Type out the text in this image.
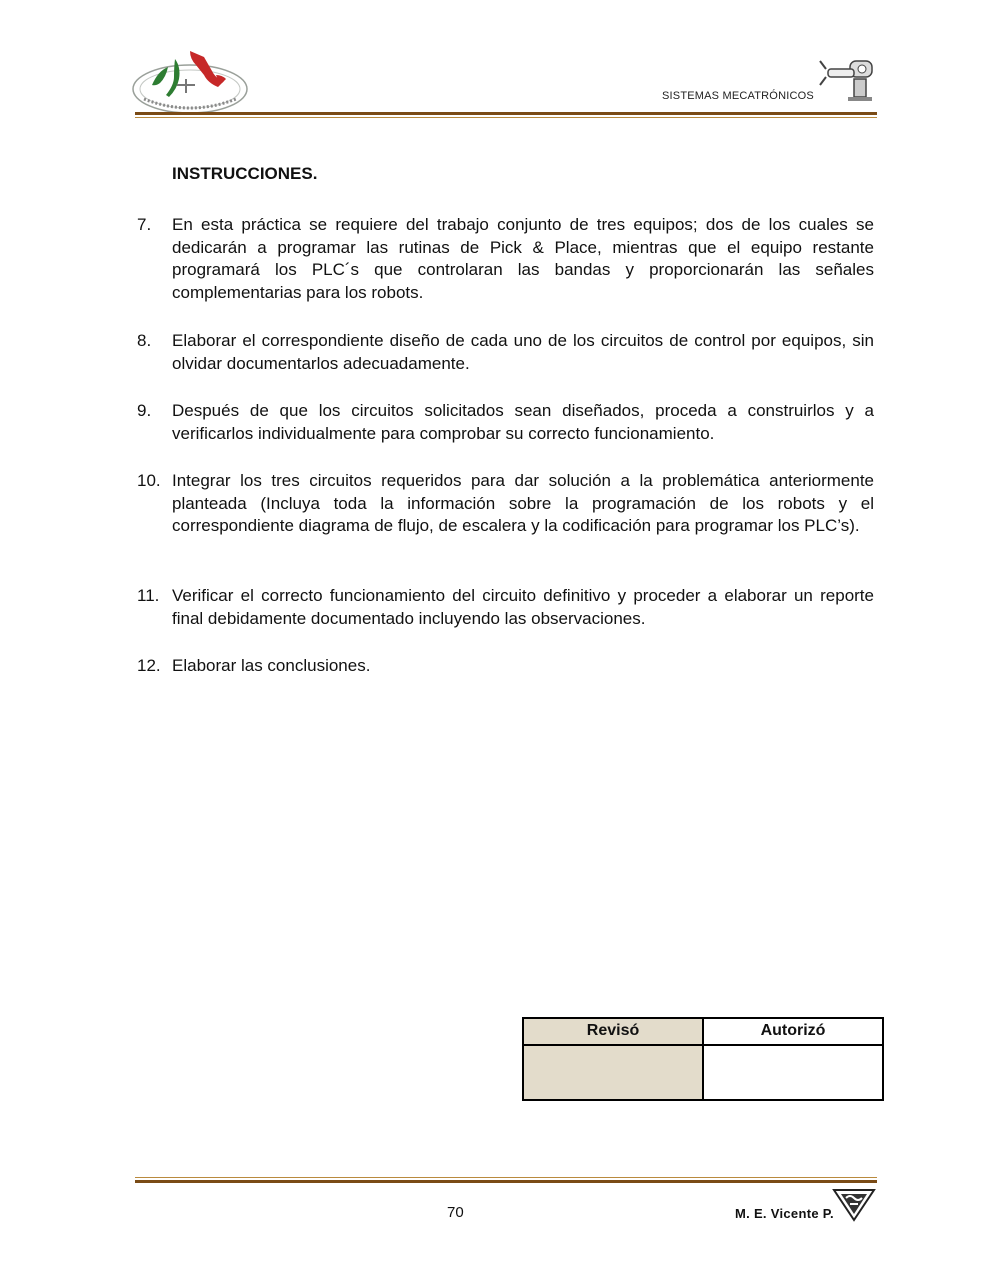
SISTEMAS MECATRÓNICOS
INSTRUCCIONES.
7. En esta práctica se requiere del trabajo conjunto de tres equipos; dos de los cuales se dedicarán a programar las rutinas de Pick & Place, mientras que el equipo restante programará los PLC´s que controlaran las bandas y proporcionarán las señales complementarias para los robots.
8. Elaborar el correspondiente diseño de cada uno de los circuitos de control por equipos, sin olvidar documentarlos adecuadamente.
9. Después de que los circuitos solicitados sean diseñados, proceda a construirlos y a verificarlos individualmente para comprobar su correcto funcionamiento.
10. Integrar los tres circuitos requeridos para dar solución a la problemática anteriormente planteada (Incluya toda la información sobre la programación de los robots y el correspondiente diagrama de flujo, de escalera y la codificación para programar los PLC’s).
11. Verificar el correcto funcionamiento del circuito definitivo y proceder a elaborar un reporte final debidamente documentado incluyendo las observaciones.
12. Elaborar las conclusiones.
Revisó	Autorizó

70	M. E. Vicente P.
